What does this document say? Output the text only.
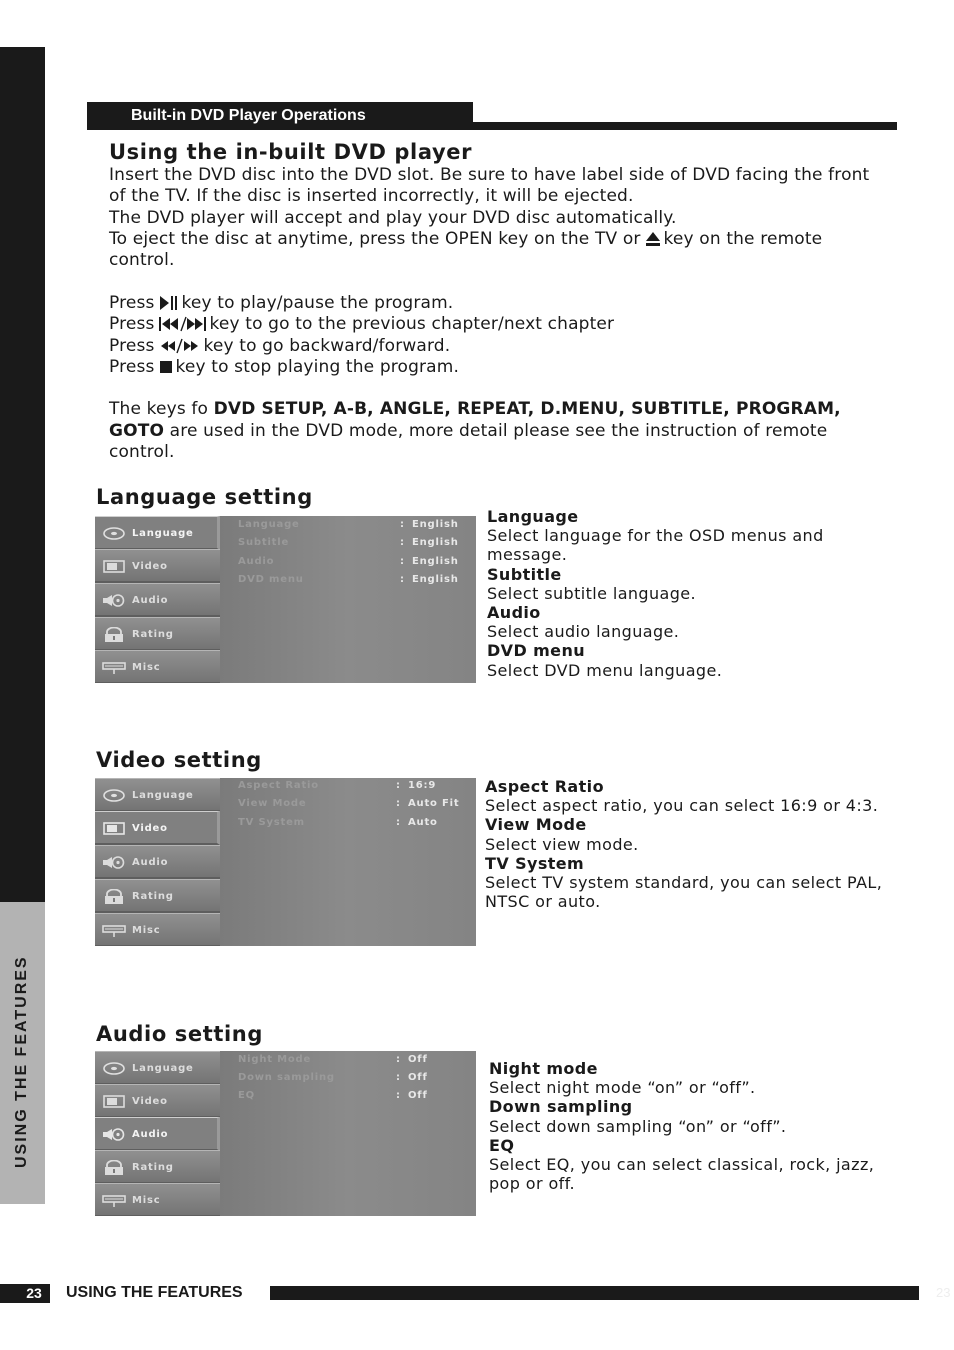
USING THE FEATURES
Built-in DVD Player Operations
Using the in-built DVD player
Insert the DVD disc into the DVD slot. Be sure to have label side of DVD facing the front
of the TV. If the disc is inserted incorrectly, it will be ejected.
The DVD player will accept and play your DVD disc automatically.
To eject the disc at anytime, press the OPEN key on the TV or key on the remote
control.
Press key to play/pause the program.
Press	key to go to the previous chapter/next chapter
Press	key to go backward/forward.
Press key to stop playing the program.
The keys fo DVD SETUP, A-B, ANGLE, REPEAT, D.MENU, SUBTITLE, PROGRAM,
GOTO are used in the DVD mode, more detail please see the instruction of remote
control.
Language setting
Language
Video
Audio
Rating
Misc
Language	: English
Subtitle	: English
Audio	: English
DVD menu	: English
Language
Select language for the OSD menus and
message.
Subtitle
Select subtitle language.
Audio
Select audio language.
DVD menu
Select DVD menu language.
Video setting
Language
Video
Audio
Rating
Misc
Aspect Ratio	: 16:9
View Mode	: Auto Fit
TV System	: Auto
Aspect Ratio
Select aspect ratio, you can select 16:9 or 4:3.
View Mode
Select view mode.
TV System
Select TV system standard, you can select PAL,
NTSC or auto.
Audio setting
Language
Video
Audio
Rating
Misc
Night Mode	: Off
Down sampling	: Off
EQ	: Off
Night mode
Select night mode “on” or “off”.
Down sampling
Select down sampling “on” or “off”.
EQ
Select EQ, you can select classical, rock, jazz,
pop or off.
23	USING THE FEATURES	23
